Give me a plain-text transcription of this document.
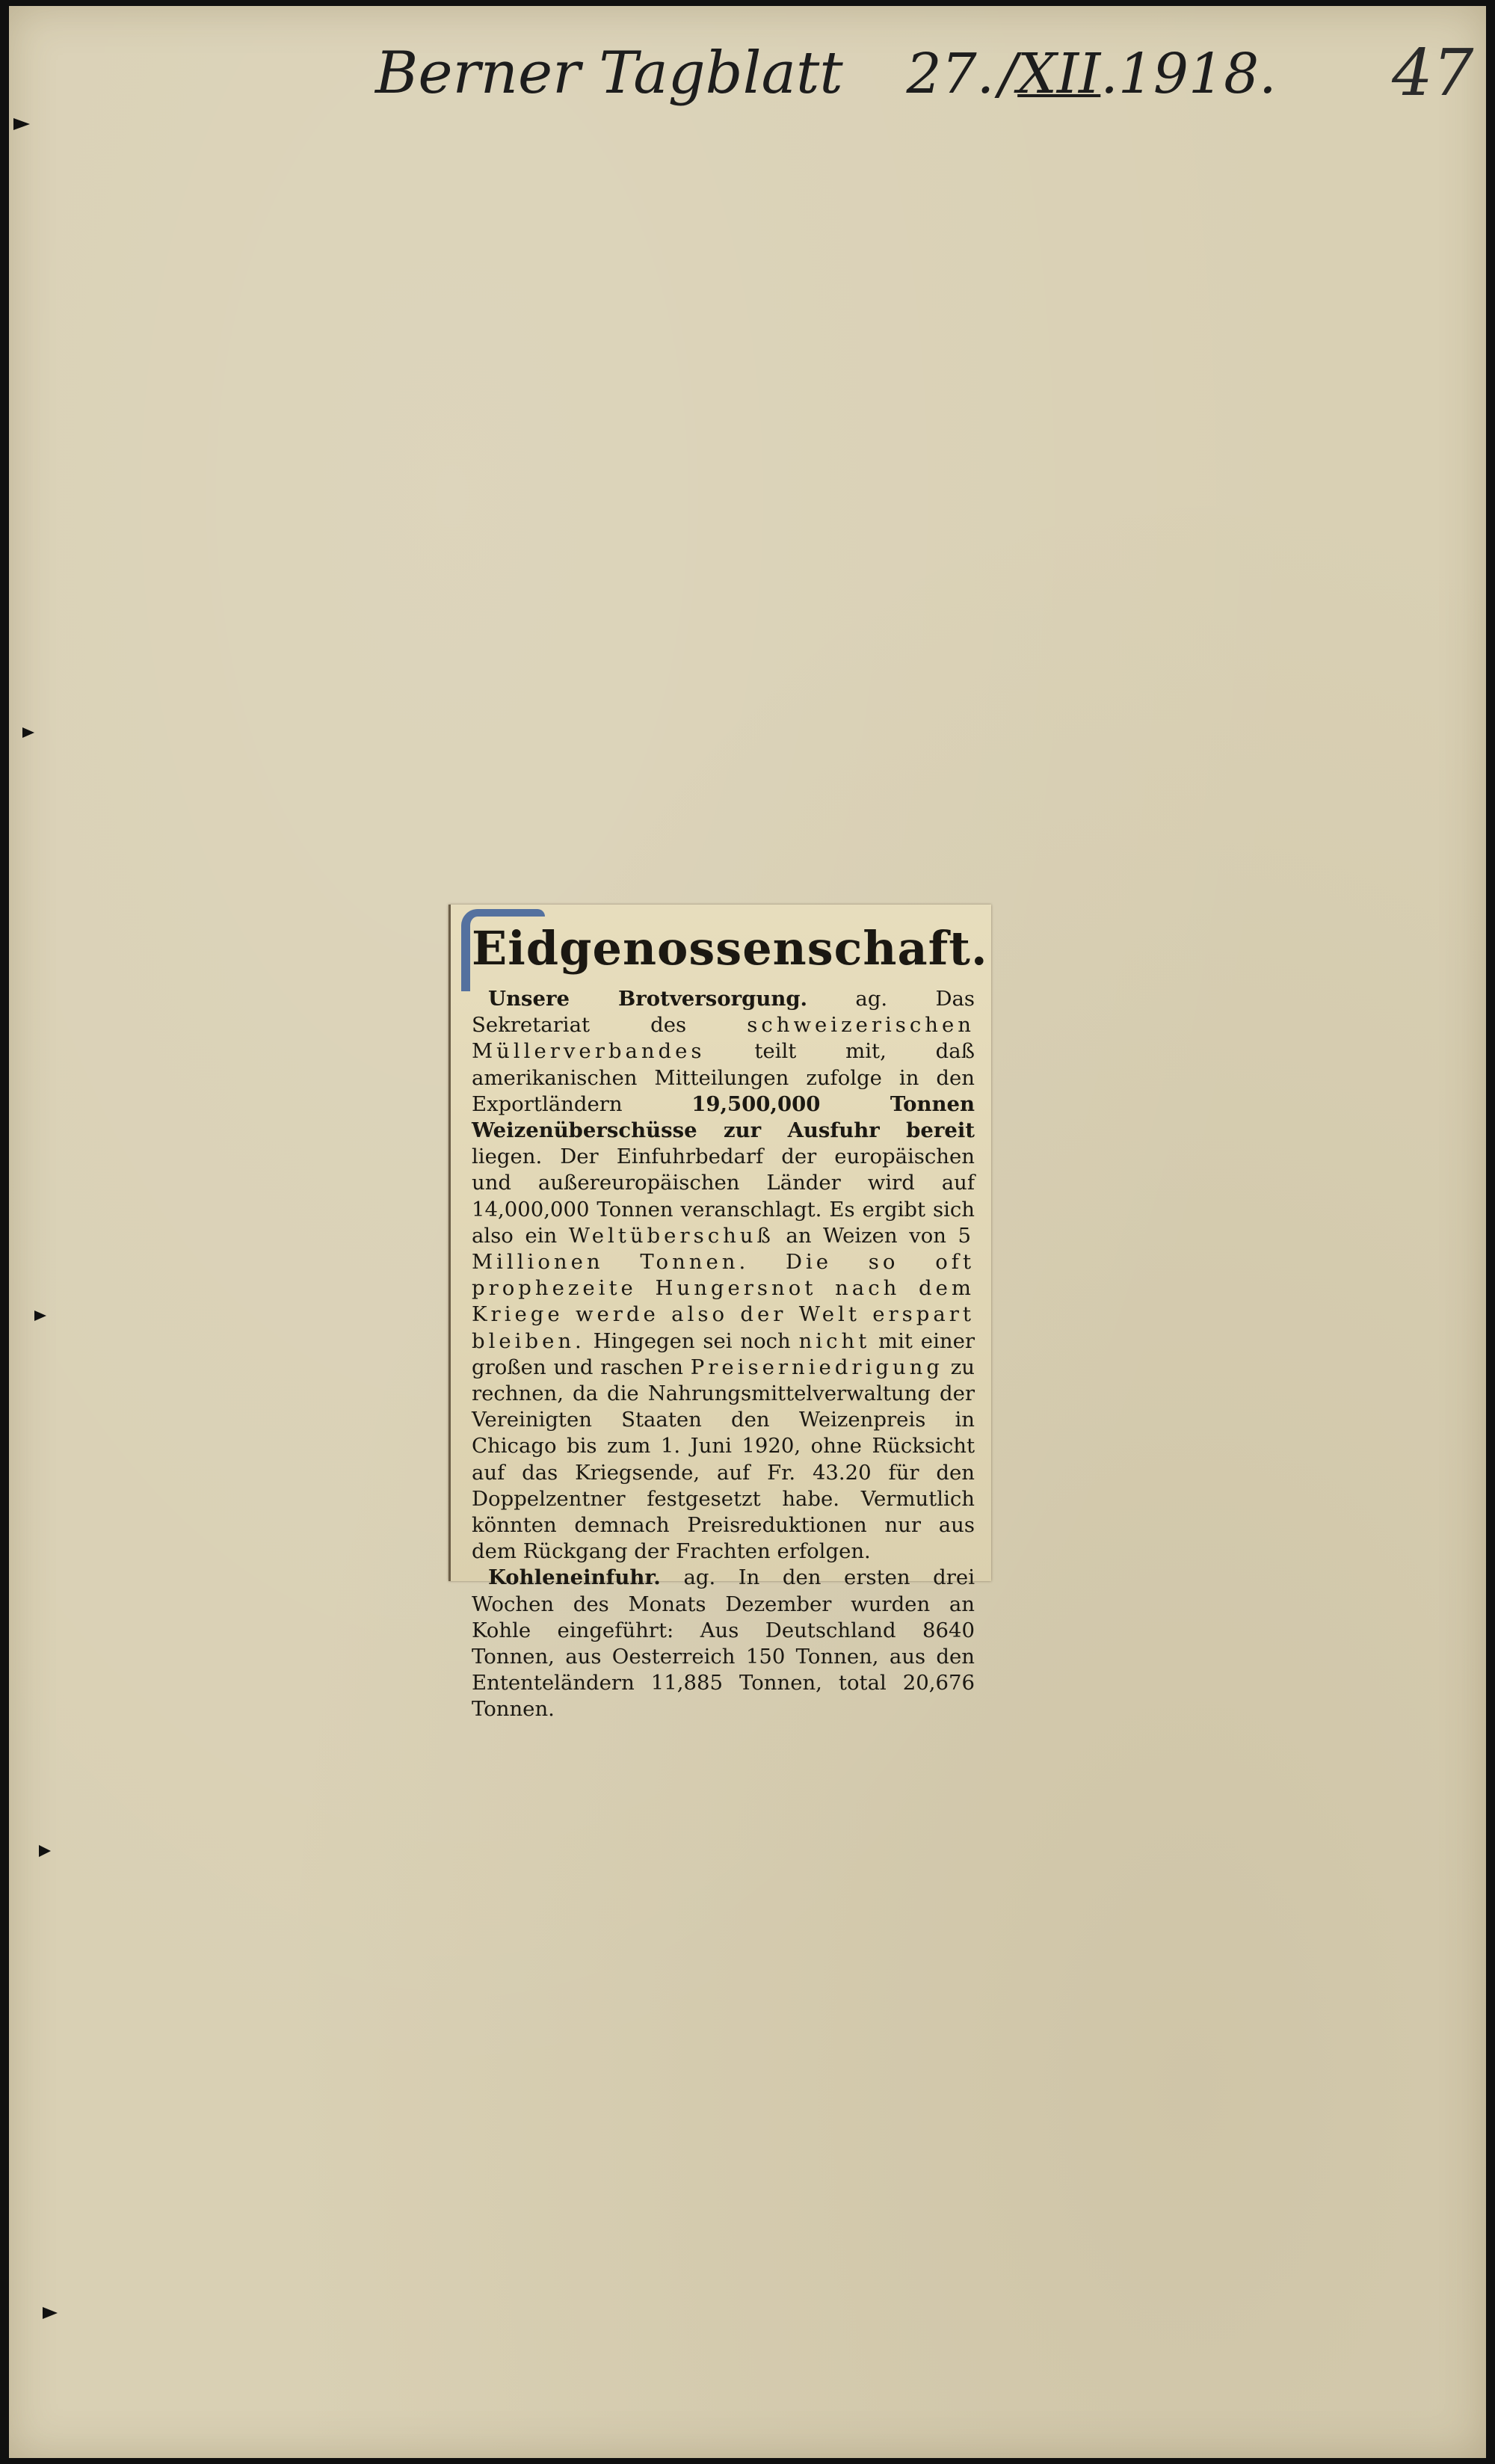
Berner Tagblatt 27./XII.1918.	47
Eidgenossenschaft.

Unsere Brotversorgung. ag. Das Sekretariat des schweizerischen Müllerverbandes teilt mit, daß amerikanischen Mitteilungen zufolge in den Exportländern 19,500,000 Tonnen Weizenüberschüsse zur Ausfuhr bereit liegen. Der Einfuhrbedarf der europäischen und außereuropäischen Länder wird auf 14,000,000 Tonnen veranschlagt. Es ergibt sich also ein Weltüberschuß an Weizen von 5 Millionen Tonnen. Die so oft prophezeite Hungersnot nach dem Kriege werde also der Welt erspart bleiben. Hingegen sei noch nicht mit einer großen und raschen Preiserniedrigung zu rechnen, da die Nahrungsmittelverwaltung der Vereinigten Staaten den Weizenpreis in Chicago bis zum 1. Juni 1920, ohne Rücksicht auf das Kriegsende, auf Fr. 43.20 für den Doppelzentner festgesetzt habe. Vermutlich könnten demnach Preisreduktionen nur aus dem Rückgang der Frachten erfolgen.

Kohleneinfuhr. ag. In den ersten drei Wochen des Monats Dezember wurden an Kohle eingeführt: Aus Deutschland 8640 Tonnen, aus Oesterreich 150 Tonnen, aus den Ententeländern 11,885 Tonnen, total 20,676 Tonnen.
